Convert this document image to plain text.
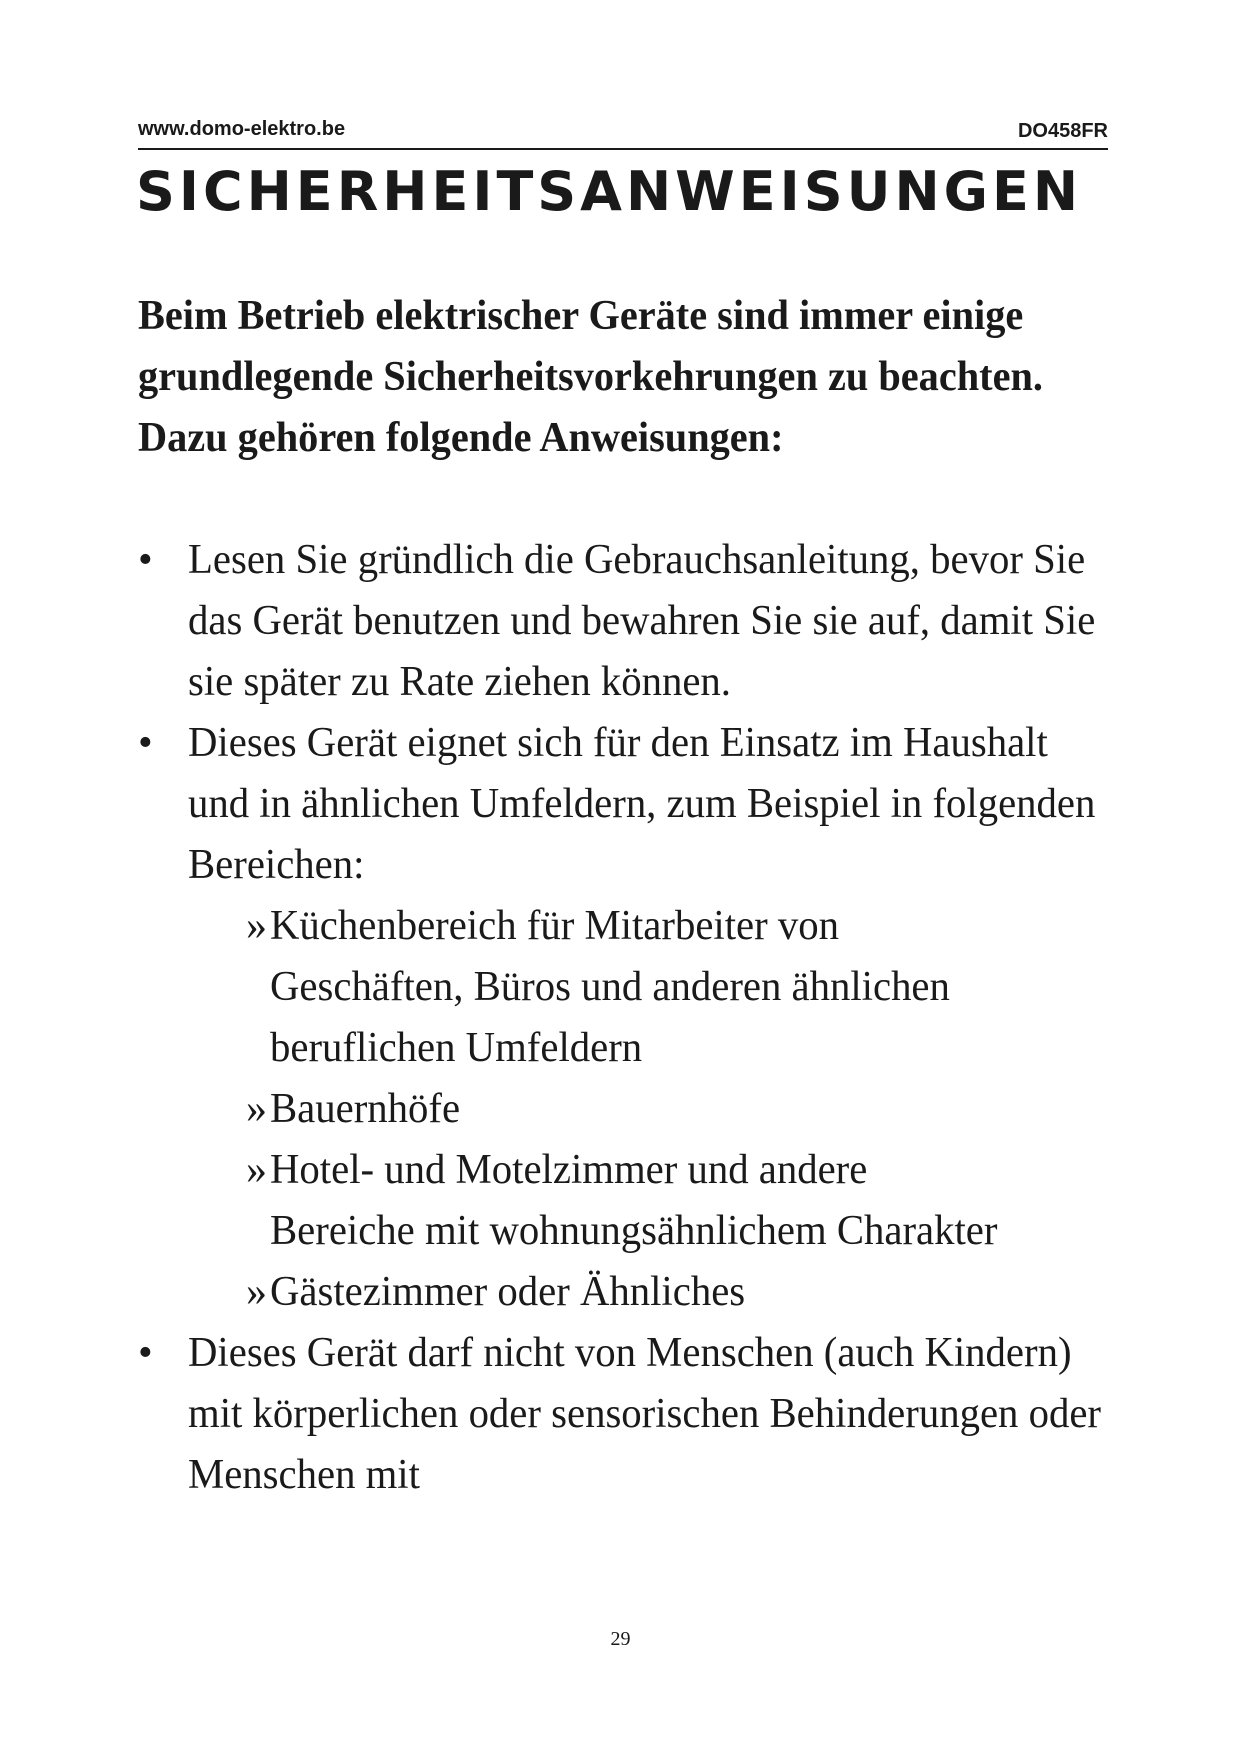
www.domo-elektro.be	DO458FR
SICHERHEITSANWEISUNGEN

Beim Betrieb elektrischer Geräte sind immer einige grundlegende Sicherheitsvorkehrungen zu beachten. Dazu gehören folgende Anweisungen:

• Lesen Sie gründlich die Gebrauchsanleitung, bevor Sie das Gerät benutzen und bewahren Sie sie auf, damit Sie sie später zu Rate ziehen können.
• Dieses Gerät eignet sich für den Einsatz im Haushalt und in ähnlichen Umfeldern, zum Beispiel in folgenden Bereichen:
» Küchenbereich für Mitarbeiter von Geschäften, Büros und anderen ähnlichen beruflichen Umfeldern
» Bauernhöfe
» Hotel- und Motelzimmer und andere Bereiche mit wohnungsähnlichem Charakter
» Gästezimmer oder Ähnliches
• Dieses Gerät darf nicht von Menschen (auch Kindern) mit körperlichen oder sensorischen Behinderungen oder Menschen mit
29
